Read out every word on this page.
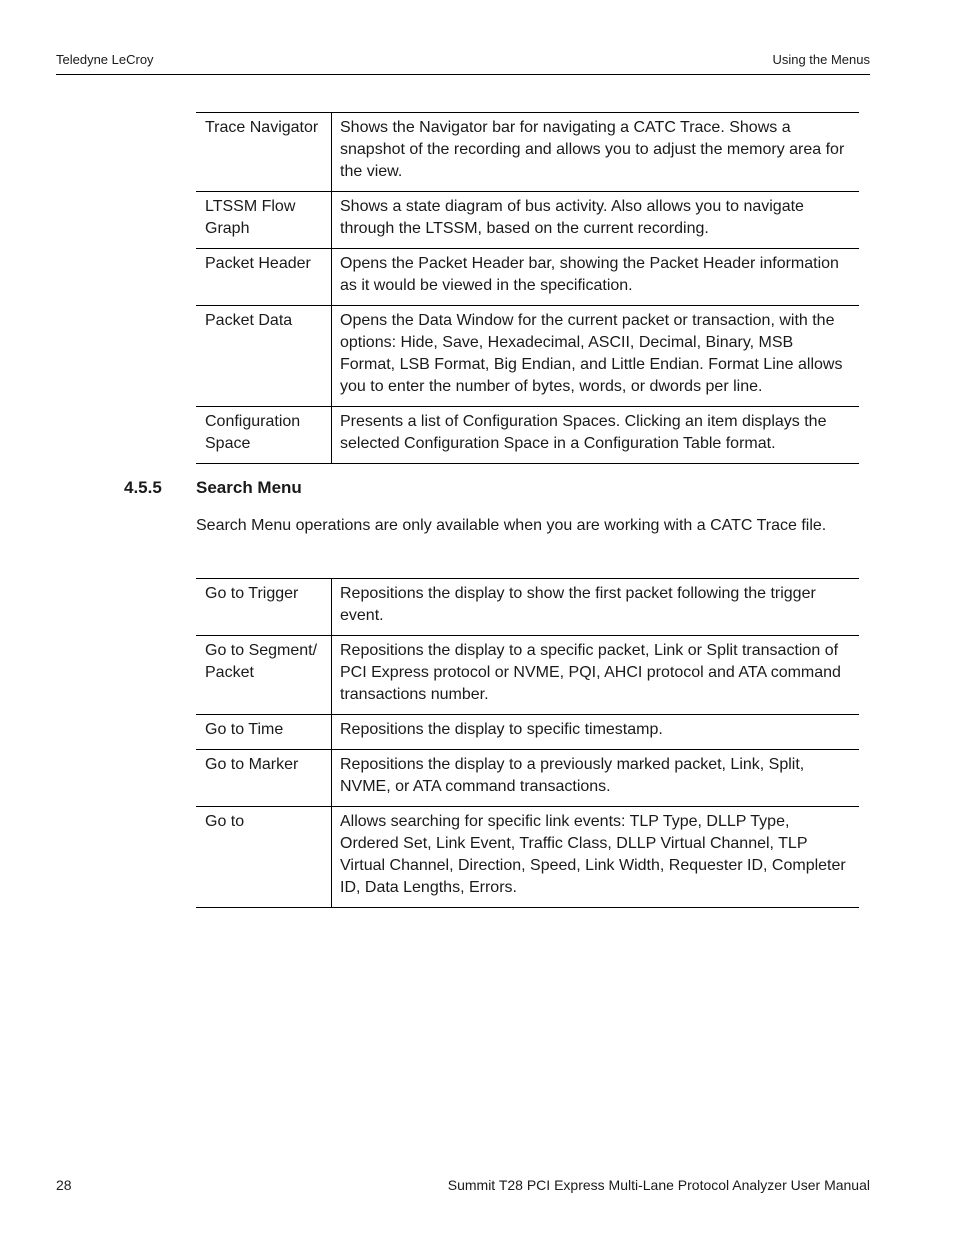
Teledyne LeCroy	Using the Menus
Trace Navigator	Shows the Navigator bar for navigating a CATC Trace. Shows a snapshot of the recording and allows you to adjust the memory area for the view.
LTSSM Flow Graph	Shows a state diagram of bus activity. Also allows you to navigate through the LTSSM, based on the current recording.
Packet Header	Opens the Packet Header bar, showing the Packet Header information as it would be viewed in the specification.
Packet Data	Opens the Data Window for the current packet or transaction, with the options: Hide, Save, Hexadecimal, ASCII, Decimal, Binary, MSB Format, LSB Format, Big Endian, and Little Endian. Format Line allows you to enter the number of bytes, words, or dwords per line.
Configuration Space	Presents a list of Configuration Spaces. Clicking an item displays the selected Configuration Space in a Configuration Table format.
4.5.5 Search Menu
Search Menu operations are only available when you are working with a CATC Trace file.
Go to Trigger	Repositions the display to show the first packet following the trigger event.
Go to Segment/ Packet	Repositions the display to a specific packet, Link or Split transaction of PCI Express protocol or NVME, PQI, AHCI protocol and ATA command transactions number.
Go to Time	Repositions the display to specific timestamp.
Go to Marker	Repositions the display to a previously marked packet, Link, Split, NVME, or ATA command transactions.
Go to	Allows searching for specific link events: TLP Type, DLLP Type, Ordered Set, Link Event, Traffic Class, DLLP Virtual Channel, TLP Virtual Channel, Direction, Speed, Link Width, Requester ID, Completer ID, Data Lengths, Errors.
28	Summit T28 PCI Express Multi-Lane Protocol Analyzer User Manual
